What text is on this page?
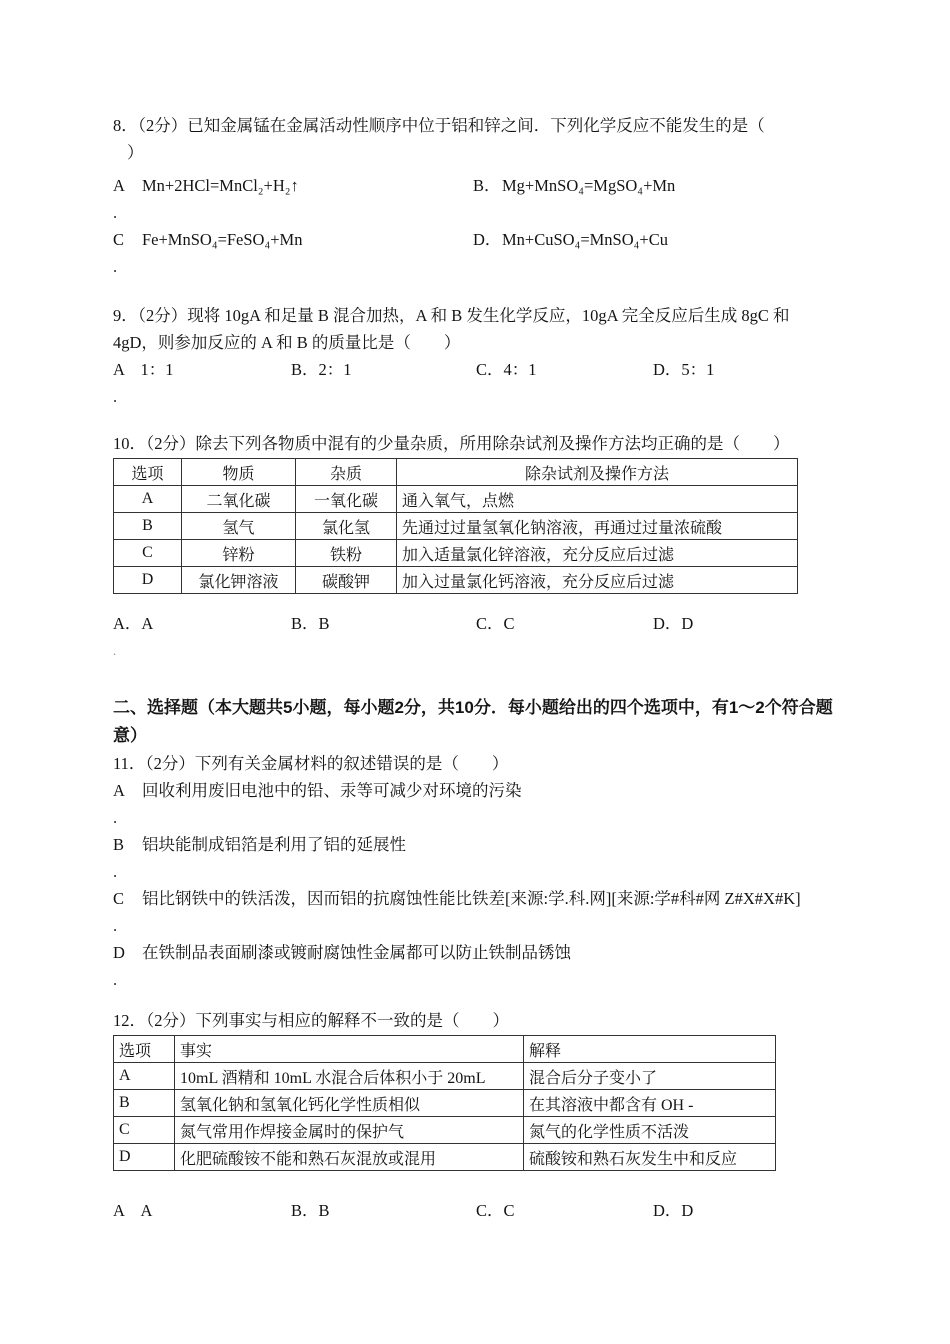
8．（2分）已知金属锰在金属活动性顺序中位于铝和锌之间．下列化学反应不能发生的是（

）

A	Mn+2HCl=MnCl₂+H₂↑	B． Mg+MnSO₄=MgSO₄+Mn

.

C	Fe+MnSO₄=FeSO₄+Mn	D． Mn+CuSO₄=MnSO₄+Cu

.

9．（2分）现将 10gA 和足量 B 混合加热，A 和 B 发生化学反应，10gA 完全反应后生成 8gC 和

4gD，则参加反应的 A 和 B 的质量比是（　　）

A　1：1	B．2：1	C．4：1	D．5：1

.

10．（2分）除去下列各物质中混有的少量杂质，所用除杂试剂及操作方法均正确的是（　　）

选项	物质	杂质	除杂试剂及操作方法
A	二氧化碳	一氧化碳	通入氧气，点燃
B	氢气	氯化氢	先通过过量氢氧化钠溶液，再通过过量浓硫酸
C	锌粉	铁粉	加入适量氯化锌溶液，充分反应后过滤
D	氯化钾溶液	碳酸钾	加入过量氯化钙溶液，充分反应后过滤
A．A	B．B	C．C	D．D

.

二、选择题（本大题共5小题，每小题2分，共10分．每小题给出的四个选项中，有1～2个符合题

意）

11．（2分）下列有关金属材料的叙述错误的是（　　）

A	回收利用废旧电池中的铅、汞等可减少对环境的污染

.

B	铝块能制成铝箔是利用了铝的延展性

.

C	铝比钢铁中的铁活泼，因而铝的抗腐蚀性能比铁差[来源:学.科.网][来源:学#科#网 Z#X#X#K]

.

D	在铁制品表面刷漆或镀耐腐蚀性金属都可以防止铁制品锈蚀

.

12．（2分）下列事实与相应的解释不一致的是（　　）

选项	事实	解释
A	10mL 酒精和 10mL 水混合后体积小于 20mL	混合后分子变小了
B	氢氧化钠和氢氧化钙化学性质相似	在其溶液中都含有 OH -
C	氮气常用作焊接金属时的保护气	氮气的化学性质不活泼
D	化肥硫酸铵不能和熟石灰混放或混用	硫酸铵和熟石灰发生中和反应
A　A	B．B	C．C	D．D
